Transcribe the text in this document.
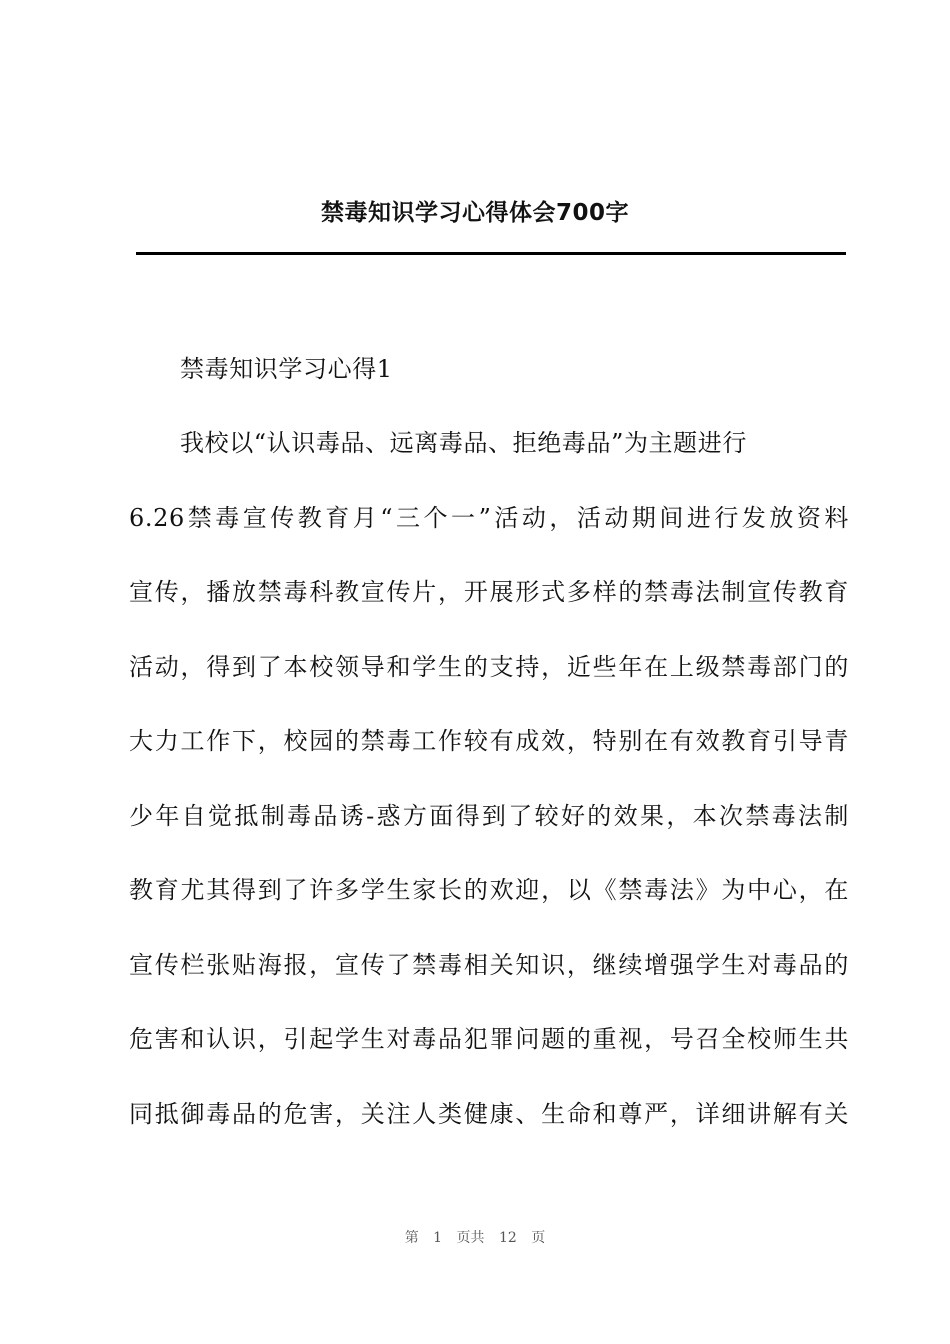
禁毒知识学习心得体会700字
禁毒知识学习心得1
我校以“认识毒品、远离毒品、拒绝毒品”为主题进行
6.26禁毒宣传教育月“三个一”活动，活动期间进行发放资料
宣传，播放禁毒科教宣传片，开展形式多样的禁毒法制宣传教育
活动，得到了本校领导和学生的支持，近些年在上级禁毒部门的
大力工作下，校园的禁毒工作较有成效，特别在有效教育引导青
少年自觉抵制毒品诱-惑方面得到了较好的效果，本次禁毒法制
教育尤其得到了许多学生家长的欢迎，以《禁毒法》为中心，在
宣传栏张贴海报，宣传了禁毒相关知识，继续增强学生对毒品的
危害和认识，引起学生对毒品犯罪问题的重视，号召全校师生共
同抵御毒品的危害，关注人类健康、生命和尊严，详细讲解有关
第 1 页共 12 页
